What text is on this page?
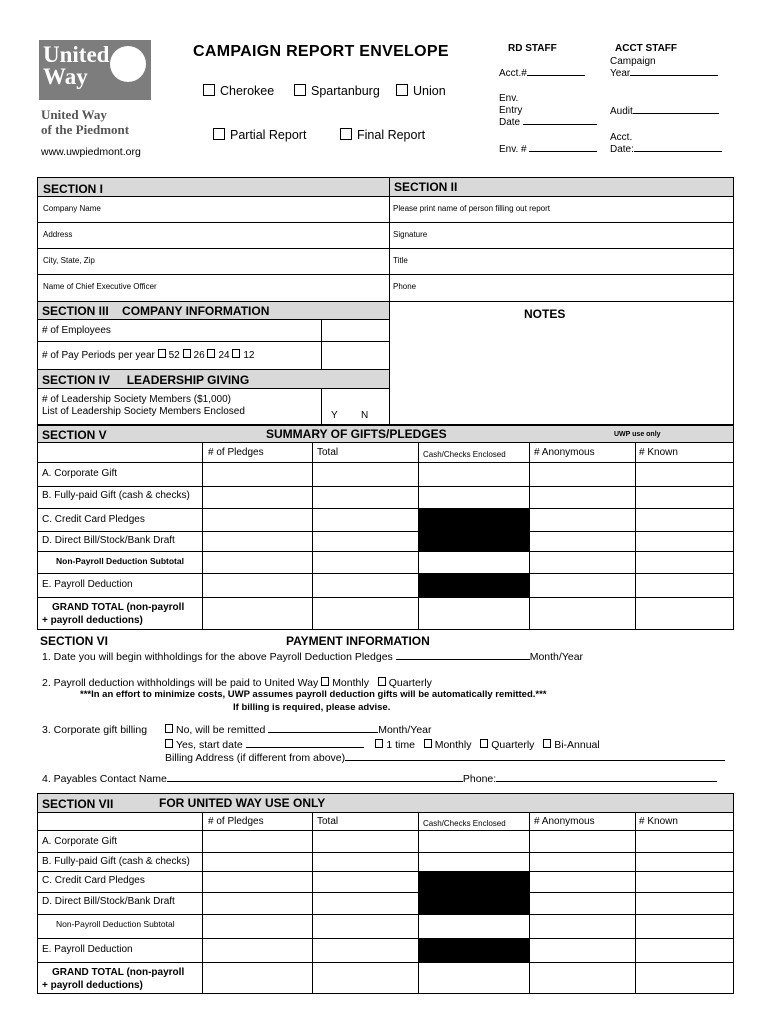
United
Way
United Way
of the Piedmont
www.uwpiedmont.org
CAMPAIGN REPORT ENVELOPE
Cherokee	Spartanburg	Union
Partial Report	Final Report
RD STAFF
Acct.#
Env.
Entry
Date
Env. #
ACCT STAFF
Campaign
Year
Audit
Acct.
Date:
SECTION I	SECTION II
Company Name
Address
City, State, Zip
Name of Chief Executive Officer
Please print name of person filling out report
Signature
Title
Phone
SECTION III COMPANY INFORMATION	NOTES
# of Employees
# of Pay Periods per year 52 26 24 12
SECTION IV LEADERSHIP GIVING
# of Leadership Society Members ($1,000)
List of Leadership Society Members Enclosed	Y N
SECTION V	SUMMARY OF GIFTS/PLEDGES	UWP use only
# of Pledges	Total	Cash/Checks Enclosed	# Anonymous	# Known
A. Corporate Gift
B. Fully-paid Gift (cash & checks)
C. Credit Card Pledges
D. Direct Bill/Stock/Bank Draft
Non-Payroll Deduction Subtotal
E. Payroll Deduction
GRAND TOTAL (non-payroll
+ payroll deductions)
SECTION VI	PAYMENT INFORMATION
1. Date you will begin withholdings for the above Payroll Deduction Pledges	Month/Year
2. Payroll deduction withholdings will be paid to United Way Monthly Quarterly
***In an effort to minimize costs, UWP assumes payroll deduction gifts will be automatically remitted.***
If billing is required, please advise.
3. Corporate gift billing	No, will be remitted	Month/Year
Yes, start date	1 time Monthly Quarterly Bi-Annual
Billing Address (if different from above)
4. Payables Contact Name	Phone:
SECTION VII	FOR UNITED WAY USE ONLY
# of Pledges	Total	Cash/Checks Enclosed	# Anonymous	# Known
A. Corporate Gift
B. Fully-paid Gift (cash & checks)
C. Credit Card Pledges
D. Direct Bill/Stock/Bank Draft
Non-Payroll Deduction Subtotal
E. Payroll Deduction
GRAND TOTAL (non-payroll
+ payroll deductions)
